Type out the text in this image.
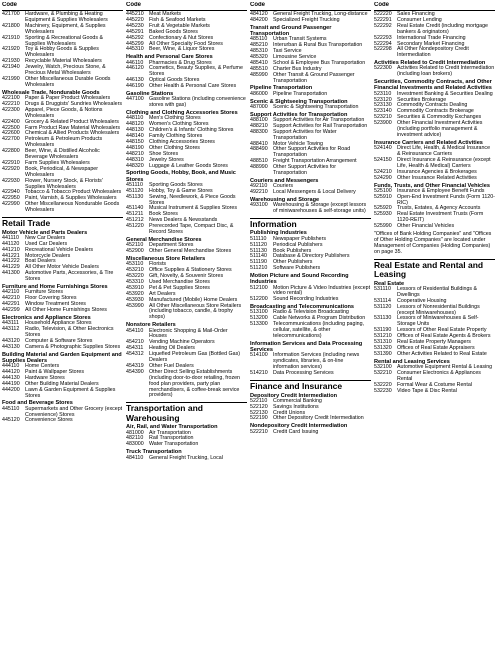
Code
421700	Hardware, & Plumbing & Heating Equipment & Supplies Wholesalers
421800	Machinery, Equipment, & Supplies Wholesalers
421910	Sporting & Recreational Goods & Supplies Wholesalers
421920	Toy & Hobby Goods & Supplies Wholesalers
421930	Recyclable Material Wholesalers
421940	Jewelry, Watch, Precious Stone, & Precious Metal Wholesalers
421990	Other Miscellaneous Durable Goods Wholesalers
Wholesale Trade, Nondurable Goods
422100	Paper & Paper Product Wholesalers
422210	Drugs & Druggists' Sundries Wholesalers
422300	Apparel, Piece Goods, & Notions Wholesalers
422400	Grocery & Related Product Wholesalers
422500	Farm Product Raw Material Wholesalers
422600	Chemical & Allied Products Wholesalers
422700	Petroleum & Petroleum Products Wholesalers
422800	Beer, Wine, & Distilled Alcoholic Beverage Wholesalers
422910	Farm Supplies Wholesalers
422920	Book, Periodical, & Newspaper Wholesalers
422930	Flower, Nursery Stock, & Florists' Supplies Wholesalers
422940	Tobacco & Tobacco Product Wholesalers
422950	Paint, Varnish, & Supplies Wholesalers
422990	Other Miscellaneous Nondurable Goods Wholesalers
Retail Trade
Motor Vehicle and Parts Dealers
441110	New Car Dealers
441120	Used Car Dealers
441210	Recreational Vehicle Dealers
441221	Motorcycle Dealers
441222	Boat Dealers
441229	All Other Motor Vehicle Dealers
441300	Automotive Parts, Accessories, & Tire Stores
Furniture and Home Furnishings Stores
442110	Furniture Stores
442210	Floor Covering Stores
442291	Window Treatment Stores
442299	All Other Home Furnishings Stores
Electronics and Appliance Stores
443111	Household Appliance Stores
443112	Radio, Television, & Other Electronics Stores
443120	Computer & Software Stores
443130	Camera & Photographic Supplies Stores
Building Material and Garden Equipment and Supplies Dealers
444110	Home Centers
444120	Paint & Wallpaper Stores
444130	Hardware Stores
444190	Other Building Material Dealers
444200	Lawn & Garden Equipment & Supplies Stores
Food and Beverage Stores
445110	Supermarkets and Other Grocery (except Convenience) Stores
445120	Convenience Stores
Code
445210	Meat Markets
445220	Fish & Seafood Markets
445230	Fruit & Vegetable Markets
445291	Baked Goods Stores
445292	Confectionary & Nut Stores
445299	All Other Specialty Food Stores
445310	Beer, Wine, & Liquor Stores
Health and Personal Care Stores
446110	Pharmacies & Drug Stores
446120	Cosmetics, Beauty Supplies, & Perfume Stores
446130	Optical Goods Stores
446190	Other Health & Personal Care Stores
Gasoline Stations
447100	Gasoline Stations (including convenience stores with gas)
Clothing and Clothing Accessories Stores
448110	Men's Clothing Stores
448120	Women's Clothing Stores
448130	Children's & Infants' Clothing Stores
448140	Family Clothing Stores
448150	Clothing Accessories Stores
448190	Other Clothing Stores
448210	Shoe Stores
448310	Jewelry Stores
448320	Luggage & Leather Goods Stores
Sporting Goods, Hobby, Book, and Music Stores
451110	Sporting Goods Stores
451120	Hobby, Toy & Game Stores
451130	Sewing, Needlework, & Piece Goods Stores
451140	Musical Instrument & Supplies Stores
451211	Book Stores
451212	News Dealers & Newsstands
451220	Prerecorded Tape, Compact Disc, & Record Stores
General Merchandise Stores
452110	Department Stores
452900	Other General Merchandise Stores
Miscellaneous Store Retailers
453110	Florists
453210	Office Supplies & Stationery Stores
453220	Gift, Novelty, & Souvenir Stores
453310	Used Merchandise Stores
453910	Pet & Pet Supplies Stores
453920	Art Dealers
453930	Manufactured (Mobile) Home Dealers
453990	All Other Miscellaneous Store Retailers (including tobacco, candle, & trophy shops)
Nonstore Retailers
454110	Electronic Shopping & Mail-Order Houses
454210	Vending Machine Operators
454311	Heating Oil Dealers
454312	Liquefied Petroleum Gas (Bottled Gas) Dealers
454319	Other Fuel Dealers
454390	Other Direct Selling Establishments (including door-to-door retailing, frozen food plan providers, party plan merchandisers, & coffee-break service providers)
Transportation and Warehousing
Air, Rail, and Water Transportation
481000	Air Transportation
482110	Rail Transportation
483000	Water Transportation
Truck Transportation
484110	General Freight Trucking, Local
Code
484120	General Freight Trucking, Long-distance
484200	Specialized Freight Trucking
Transit and Ground Passenger Transportation
485110	Urban Transit Systems
485210	Interurban & Rural Bus Transportation
485310	Taxi Service
485320	Limousine Service
485410	School & Employee Bus Transportation
485510	Charter Bus Industry
485990	Other Transit & Ground Passenger Transportation
Pipeline Transportation
486000	Pipeline Transportation
Scenic & Sightseeing Transportation
487000	Scenic & Sightseeing Transportation
Support Activities for Transportation
488100	Support Activities for Air Transportation
488210	Support Activities for Rail Transportation
488300	Support Activities for Water Transportation
488410	Motor Vehicle Towing
488490	Other Support Activities for Road Transportation
488510	Freight Transportation Arrangement
488990	Other Support Activities for Transportation
Couriers and Messengers
492110	Couriers
492210	Local Messengers & Local Delivery
Warehousing and Storage
493100	Warehousing & Storage (except lessors of miniwarehouses & self-storage units)
Information
Publishing Industries
511110	Newspaper Publishers
511120	Periodical Publishers
511130	Book Publishers
511140	Database & Directory Publishers
511190	Other Publishers
511210	Software Publishers
Motion Picture and Sound Recording Industries
512100	Motion Picture & Video Industries (except video rental)
512200	Sound Recording Industries
Broadcasting and Telecommunications
513100	Radio & Television Broadcasting
513200	Cable Networks & Program Distribution
513300	Telecommunications (including paging, cellular, satellite, & other telecommunications)
Information Services and Data Processing Services
514100	Information Services (including news syndicates, libraries, & on-line information services)
514210	Data Processing Services
Finance and Insurance
Depository Credit Intermediation
522110	Commercial Banking
522120	Savings Institutions
522130	Credit Unions
522190	Other Depository Credit Intermediation
Nondepository Credit Intermediation
522210	Credit Card Issuing
Code
522220	Sales Financing
522291	Consumer Lending
522292	Real Estate Credit (including mortgage bankers & originators)
522293	International Trade Financing
522294	Secondary Market Financing
522298	All Other Nondepository Credit Intermediation
Activities Related to Credit Intermediation
522300	Activities Related to Credit Intermediation (including loan brokers)
Securities, Commodity Contracts, and Other Financial Investments and Related Activities
523110	Investment Banking & Securities Dealing
523120	Securities Brokerage
523130	Commodity Contracts Dealing
523140	Commodity Contracts Brokerage
523210	Securities & Commodity Exchanges
523900	Other Financial Investment Activities (including portfolio management & investment advice)
Insurance Carriers and Related Activities
524140	Direct Life, Health, & Medical Insurance & Reinsurance Carriers
524150	Direct Insurance & Reinsurance (except Life, Health & Medical) Carriers
524210	Insurance Agencies & Brokerages
524290	Other Insurance Related Activities
Funds, Trusts, and Other Financial Vehicles
525100	Insurance & Employee Benefit Funds
525910	Open-End Investment Funds (Form 1120-RIC)
525920	Trusts, Estates, & Agency Accounts
525930	Real Estate Investment Trusts (Form 1120-REIT)
525990	Other Financial Vehicles
"Offices of Bank Holding Companies" and "Offices of Other Holding Companies" are located under Management of Companies (Holding Companies) on page 35.
Real Estate and Rental and Leasing
Real Estate
531110	Lessors of Residential Buildings & Dwellings
531114	Cooperative Housing
531120	Lessors of Nonresidential Buildings (except Miniwarehouses)
531130	Lessors of Miniwarehouses & Self-Storage Units
531190	Lessors of Other Real Estate Property
531210	Offices of Real Estate Agents & Brokers
531310	Real Estate Property Managers
531320	Offices of Real Estate Appraisers
531390	Other Activities Related to Real Estate
Rental and Leasing Services
532100	Automotive Equipment Rental & Leasing
532210	Consumer Electronics & Appliances Rental
532220	Formal Wear & Costume Rental
532230	Video Tape & Disc Rental
